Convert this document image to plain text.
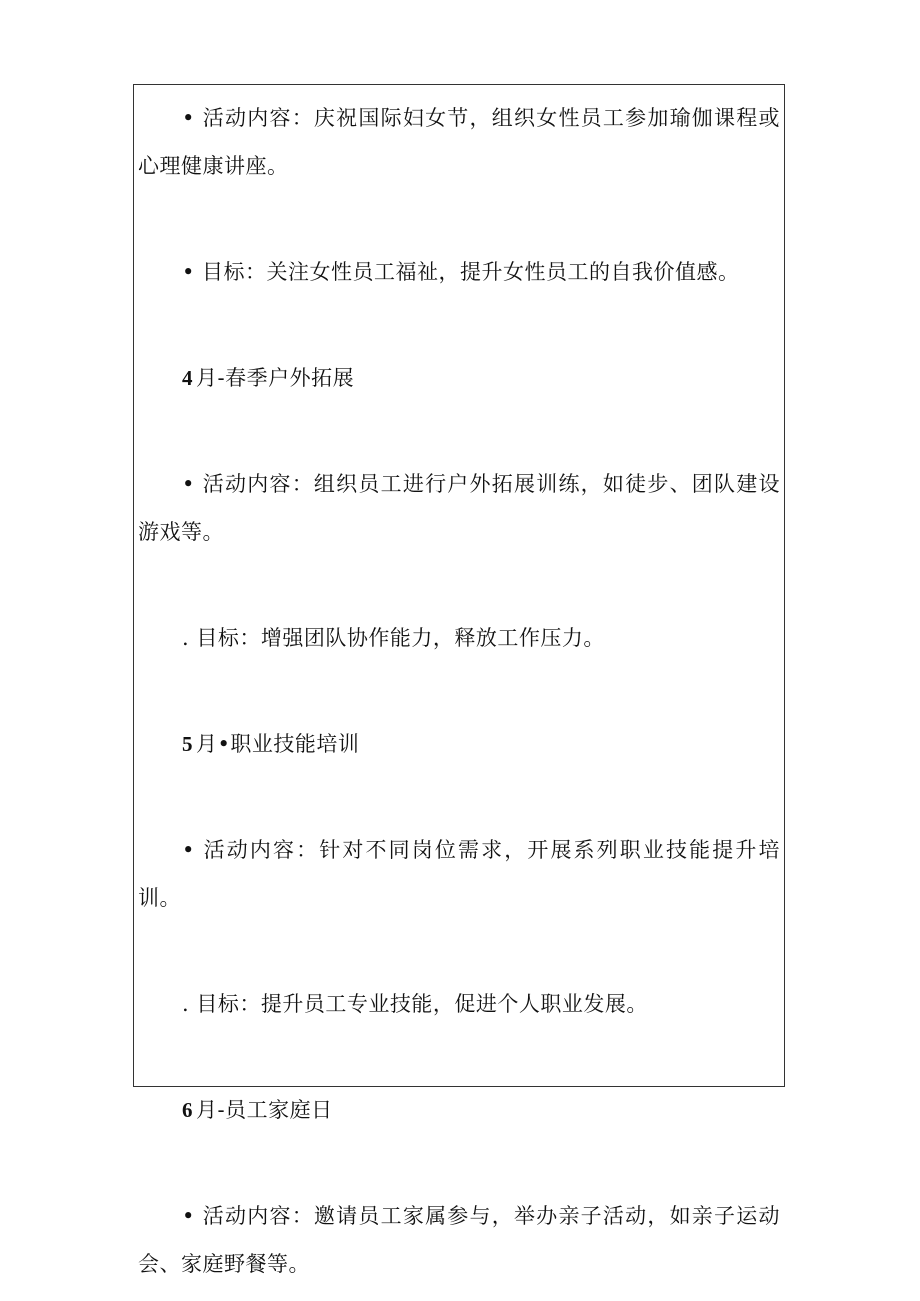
• 活动内容：庆祝国际妇女节，组织女性员工参加瑜伽课程或心理健康讲座。

• 目标：关注女性员工福祉，提升女性员工的自我价值感。

4 月-春季户外拓展

• 活动内容：组织员工进行户外拓展训练，如徒步、团队建设游戏等。

. 目标：增强团队协作能力，释放工作压力。

5 月•职业技能培训

• 活动内容：针对不同岗位需求，开展系列职业技能提升培训。

. 目标：提升员工专业技能，促进个人职业发展。

6 月-员工家庭日

• 活动内容：邀请员工家属参与，举办亲子活动，如亲子运动会、家庭野餐等。
